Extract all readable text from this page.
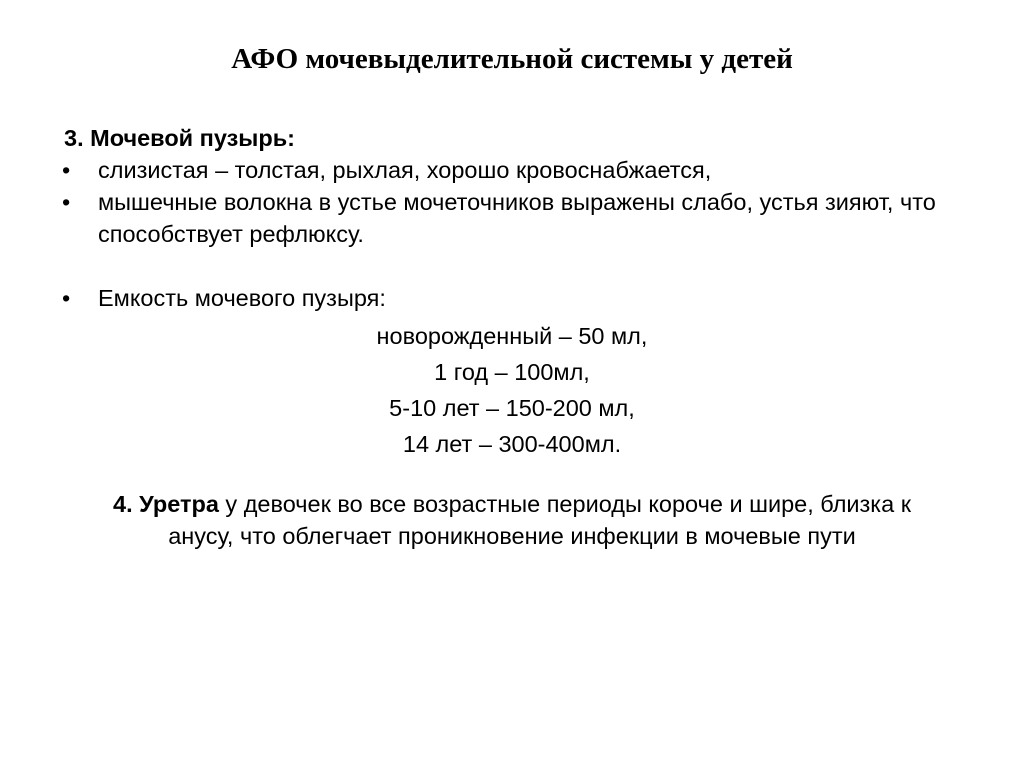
АФО мочевыделительной системы у детей

3. Мочевой пузырь:

• слизистая – толстая, рыхлая, хорошо кровоснабжается,
• мышечные волокна в устье мочеточников выражены слабо, устья зияют, что способствует рефлюксу.
• Емкость мочевого пузыря:
новорожденный – 50 мл,
1 год – 100мл,
5-10 лет – 150-200 мл,
14 лет – 300-400мл.

4. Уретра у девочек во все возрастные периоды короче и шире, близка к анусу, что облегчает проникновение инфекции в мочевые пути
